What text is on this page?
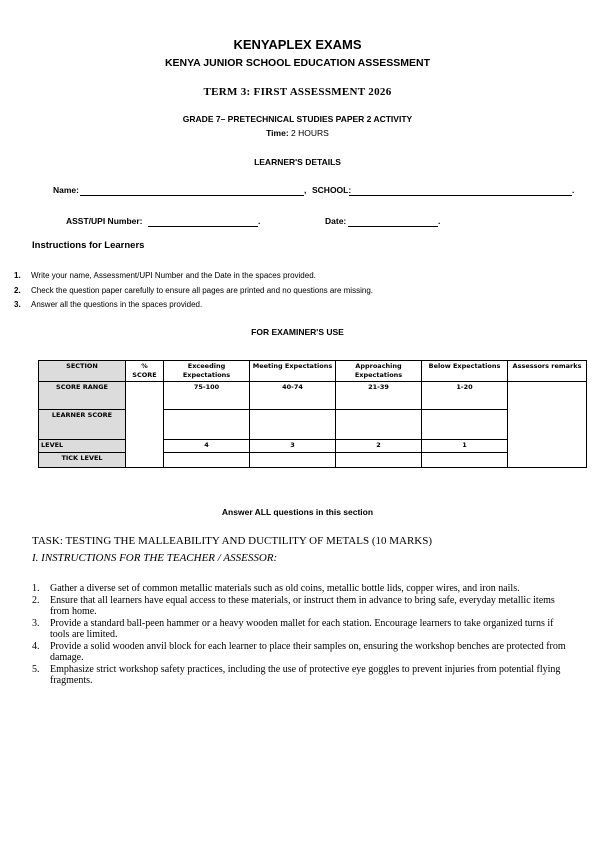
KENYAPLEX EXAMS
KENYA JUNIOR SCHOOL EDUCATION ASSESSMENT
TERM 3: FIRST ASSESSMENT 2026
GRADE 7– PRETECHNICAL STUDIES PAPER 2 ACTIVITY
Time: 2 HOURS
LEARNER'S DETAILS
Name:	, SCHOOL:	.
ASST/UPI Number:	.	Date:	.
Instructions for Learners
1. Write your name, Assessment/UPI Number and the Date in the spaces provided.
2. Check the question paper carefully to ensure all pages are printed and no questions are missing.
3. Answer all the questions in the spaces provided.
FOR EXAMINER'S USE
SECTION	% SCORE	Exceeding Expectations	Meeting Expectations	Approaching Expectations	Below Expectations	Assessors remarks
SCORE RANGE		75-100	40-74	21-39	1-20	
LEARNER SCORE						
LEVEL		4	3	2	1	
TICK LEVEL						
Answer ALL questions in this section
TASK: TESTING THE MALLEABILITY AND DUCTILITY OF METALS (10 MARKS)
I. INSTRUCTIONS FOR THE TEACHER / ASSESSOR:
1. Gather a diverse set of common metallic materials such as old coins, metallic bottle lids, copper wires, and iron nails.
2. Ensure that all learners have equal access to these materials, or instruct them in advance to bring safe, everyday metallic items from home.
3. Provide a standard ball-peen hammer or a heavy wooden mallet for each station. Encourage learners to take organized turns if tools are limited.
4. Provide a solid wooden anvil block for each learner to place their samples on, ensuring the workshop benches are protected from damage.
5. Emphasize strict workshop safety practices, including the use of protective eye goggles to prevent injuries from potential flying fragments.
